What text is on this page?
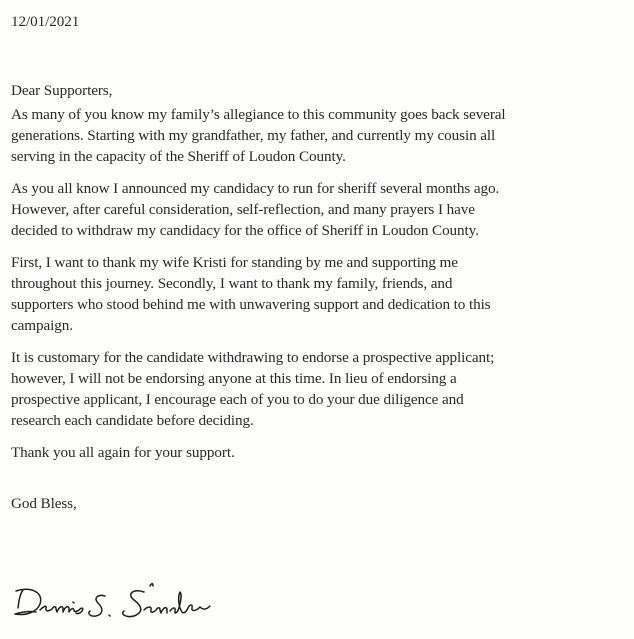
12/01/2021
Dear Supporters,
As many of you know my family’s allegiance to this community goes back several
generations. Starting with my grandfather, my father, and currently my cousin all
serving in the capacity of the Sheriff of Loudon County.
As you all know I announced my candidacy to run for sheriff several months ago.
However, after careful consideration, self-reflection, and many prayers I have
decided to withdraw my candidacy for the office of Sheriff in Loudon County.
First, I want to thank my wife Kristi for standing by me and supporting me
throughout this journey. Secondly, I want to thank my family, friends, and
supporters who stood behind me with unwavering support and dedication to this
campaign.
It is customary for the candidate withdrawing to endorse a prospective applicant;
however, I will not be endorsing anyone at this time. In lieu of endorsing a
prospective applicant, I encourage each of you to do your due diligence and
research each candidate before deciding.
Thank you all again for your support.
God Bless,
